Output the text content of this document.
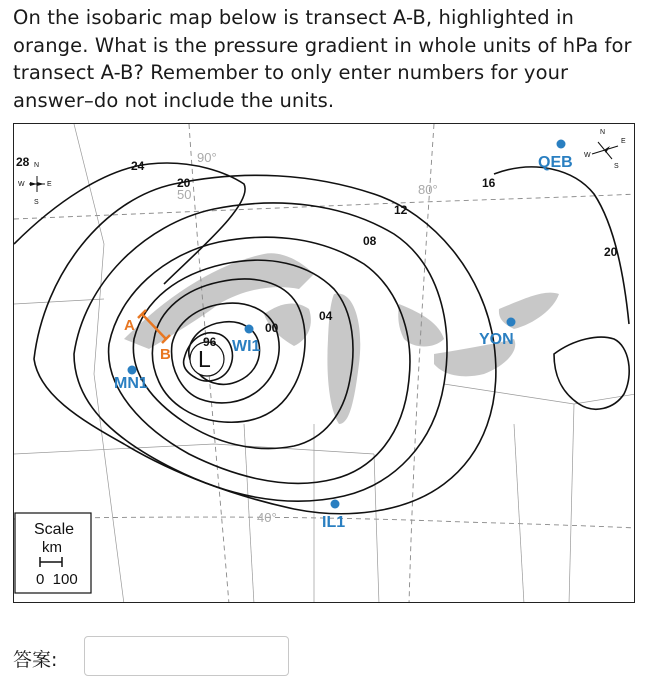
On the isobaric map below is transect A-B, highlighted in orange. What is the pressure gradient in whole units of hPa for transect A-B? Remember to only enter numbers for your answer–do not include the units.
A
B L
24
20	16
12
08
04
00
96
20
28	90°
80°
40°
50
QEB
WI1	YON
MN1
IL1
N
S
E
W
N
S
E
W
Scale
km
0  100
答案:
